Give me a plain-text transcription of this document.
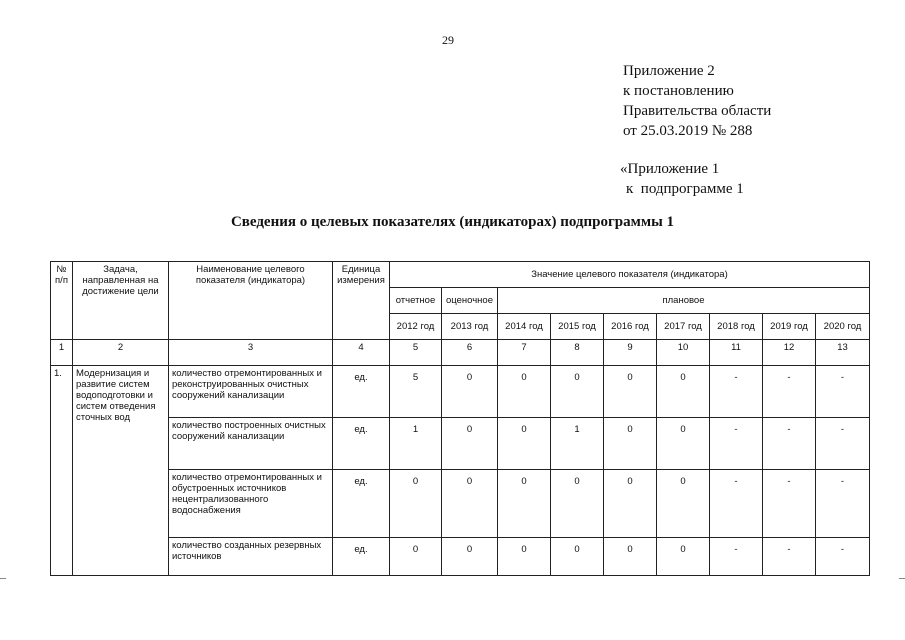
29
Приложение 2
к постановлению
Правительства области
от 25.03.2019 № 288
«Приложение 1
к  подпрограмме 1
Сведения о целевых показателях (индикаторах) подпрограммы 1
№ п/п	Задача, направленная на достижение цели	Наименование целевого показателя (индикатора)	Единица измерения	Значение целевого показателя (индикатора)								
				отчетное	оценочное	плановое						
				2012 год	2013 год	2014 год	2015 год	2016 год	2017 год	2018 год	2019 год	2020 год
1	2	3	4	5	6	7	8	9	10	11	12	13
1.	Модернизация и развитие систем водоподготовки и систем отведения сточных вод	количество отремонтированных и реконструированных очистных сооружений канализации	ед.	5	0	0	0	0	0	-	-	-
		количество построенных очистных сооружений канализации	ед.	1	0	0	1	0	0	-	-	-
		количество отремонтированных и обустроенных источников нецентрализованного водоснабжения	ед.	0	0	0	0	0	0	-	-	-
		количество созданных резервных источников	ед.	0	0	0	0	0	0	-	-	-
